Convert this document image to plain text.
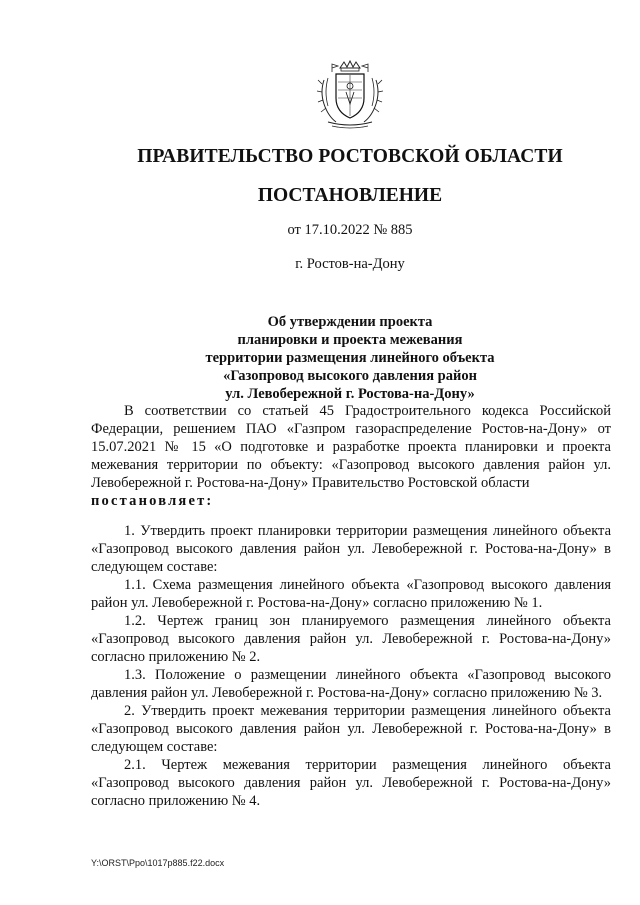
ПРАВИТЕЛЬСТВО РОСТОВСКОЙ ОБЛАСТИ
ПОСТАНОВЛЕНИЕ
от 17.10.2022 № 885
г. Ростов-на-Дону
Об утверждении проекта
планировки и проекта межевания
территории размещения линейного объекта
«Газопровод высокого давления район
ул. Левобережной г. Ростова-на-Дону»

В соответствии со статьей 45 Градостроительного кодекса Российской Федерации, решением ПАО «Газпром газораспределение Ростов-на-Дону» от 15.07.2021 № 15 «О подготовке и разработке проекта планировки и проекта межевания территории по объекту: «Газопровод высокого давления район ул. Левобережной г. Ростова-на-Дону» Правительство Ростовской области

постановляет:

1. Утвердить проект планировки территории размещения линейного объекта «Газопровод высокого давления район ул. Левобережной г. Ростова-на-Дону» в следующем составе:

1.1. Схема размещения линейного объекта «Газопровод высокого давления район ул. Левобережной г. Ростова-на-Дону» согласно приложению № 1.

1.2. Чертеж границ зон планируемого размещения линейного объекта «Газопровод высокого давления район ул. Левобережной г. Ростова-на-Дону» согласно приложению № 2.

1.3. Положение о размещении линейного объекта «Газопровод высокого давления район ул. Левобережной г. Ростова-на-Дону» согласно приложению № 3.

2. Утвердить проект межевания территории размещения линейного объекта «Газопровод высокого давления район ул. Левобережной г. Ростова-на-Дону» в следующем составе:

2.1. Чертеж межевания территории размещения линейного объекта «Газопровод высокого давления район ул. Левобережной г. Ростова-на-Дону» согласно приложению № 4.

Y:\ORST\Ppo\1017p885.f22.docx
